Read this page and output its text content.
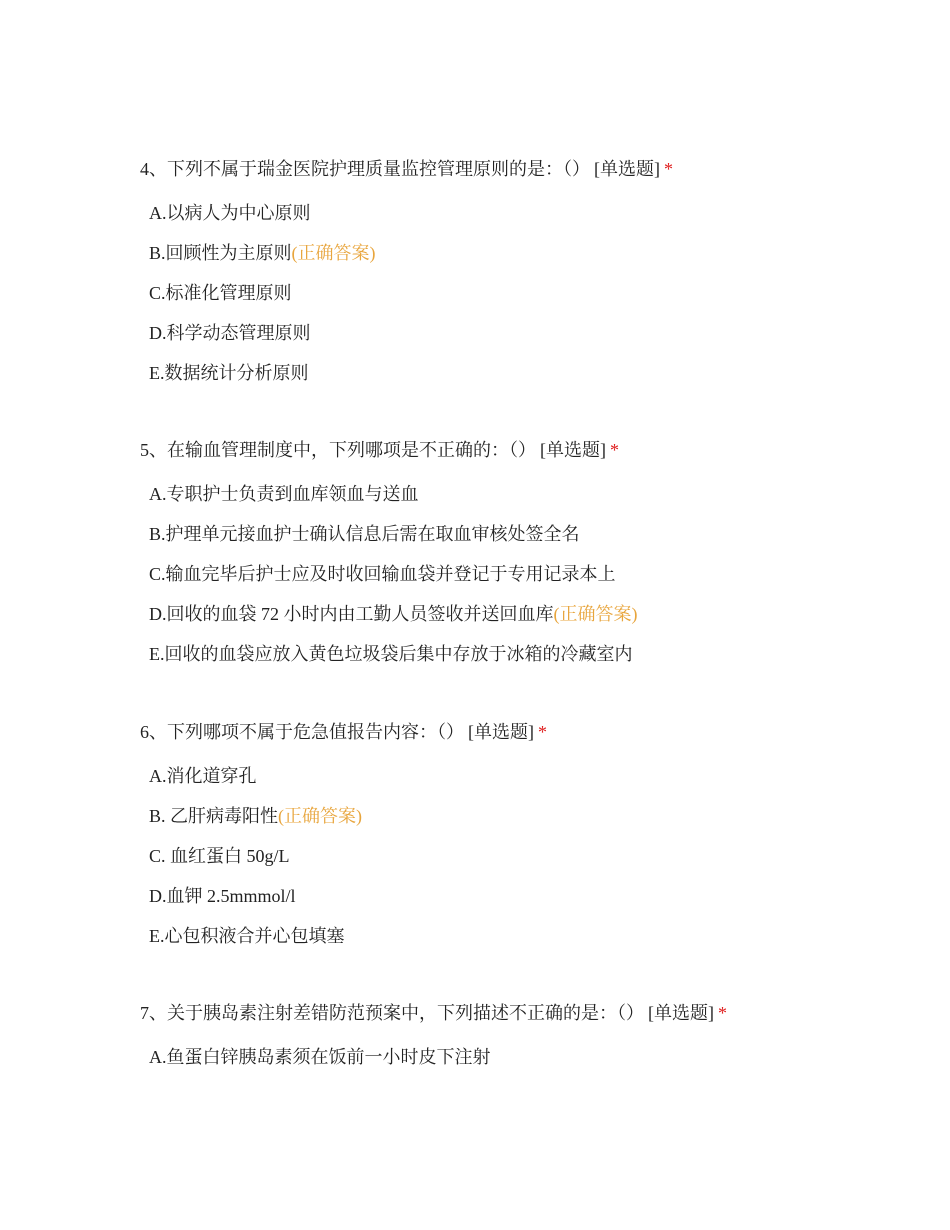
4、下列不属于瑞金医院护理质量监控管理原则的是：（） [单选题] *
A.以病人为中心原则
B.回顾性为主原则(正确答案)
C.标准化管理原则
D.科学动态管理原则
E.数据统计分析原则
5、在输血管理制度中，下列哪项是不正确的：（） [单选题] *
A.专职护士负责到血库领血与送血
B.护理单元接血护士确认信息后需在取血审核处签全名
C.输血完毕后护士应及时收回输血袋并登记于专用记录本上
D.回收的血袋 72 小时内由工勤人员签收并送回血库(正确答案)
E.回收的血袋应放入黄色垃圾袋后集中存放于冰箱的冷藏室内
6、下列哪项不属于危急值报告内容：（） [单选题] *
A.消化道穿孔
B. 乙肝病毒阳性(正确答案)
C. 血红蛋白 50g/L
D.血钾 2.5mmmol/l
E.心包积液合并心包填塞
7、关于胰岛素注射差错防范预案中，下列描述不正确的是：（） [单选题] *
A.鱼蛋白锌胰岛素须在饭前一小时皮下注射
